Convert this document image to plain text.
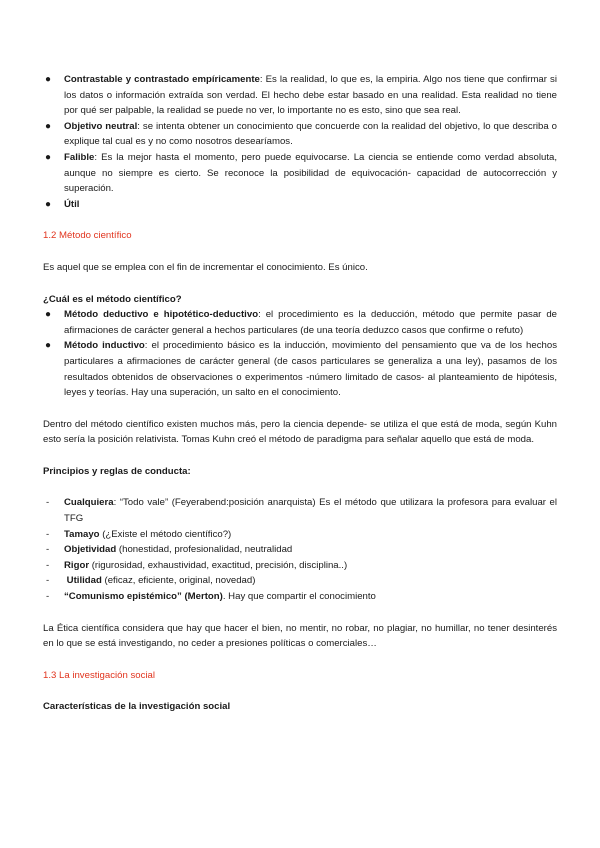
● Contrastable y contrastado empíricamente: Es la realidad, lo que es, la empiria. Algo nos tiene que confirmar si los datos o información extraída son verdad. El hecho debe estar basado en una realidad. Esta realidad no tiene por qué ser palpable, la realidad se puede no ver, lo importante no es esto, sino que sea real.
● Objetivo neutral: se intenta obtener un conocimiento que concuerde con la realidad del objetivo, lo que describa o explique tal cual es y no como nosotros desearíamos.
● Falible: Es la mejor hasta el momento, pero puede equivocarse. La ciencia se entiende como verdad absoluta, aunque no siempre es cierto. Se reconoce la posibilidad de equivocación- capacidad de autocorrección y superación.
● Útil
1.2 Método científico
Es aquel que se emplea con el fin de incrementar el conocimiento. Es único.
¿Cuál es el método científico?
● Método deductivo e hipotético-deductivo: el procedimiento es la deducción, método que permite pasar de afirmaciones de carácter general a hechos particulares (de una teoría deduzco casos que confirme o refuto)
● Método inductivo: el procedimiento básico es la inducción, movimiento del pensamiento que va de los hechos particulares a afirmaciones de carácter general (de casos particulares se generaliza a una ley), pasamos de los resultados obtenidos de observaciones o experimentos -número limitado de casos- al planteamiento de hipótesis, leyes y teorías. Hay una superación, un salto en el conocimiento.
Dentro del método científico existen muchos más, pero la ciencia depende- se utiliza el que está de moda, según Kuhn esto sería la posición relativista. Tomas Kuhn creó el método de paradigma para señalar aquello que está de moda.
Principios y reglas de conducta:
- Cualquiera: “Todo vale” (Feyerabend:posición anarquista) Es el método que utilizara la profesora para evaluar el TFG
- Tamayo (¿Existe el método científico?)
- Objetividad (honestidad, profesionalidad, neutralidad
- Rigor (rigurosidad, exhaustividad, exactitud, precisión, disciplina..)
- Utilidad (eficaz, eficiente, original, novedad)
- “Comunismo epistémico” (Merton). Hay que compartir el conocimiento
La Ética científica considera que hay que hacer el bien, no mentir, no robar, no plagiar, no humillar, no tener desinterés en lo que se está investigando, no ceder a presiones políticas o comerciales…
1.3 La investigación social
Características de la investigación social
